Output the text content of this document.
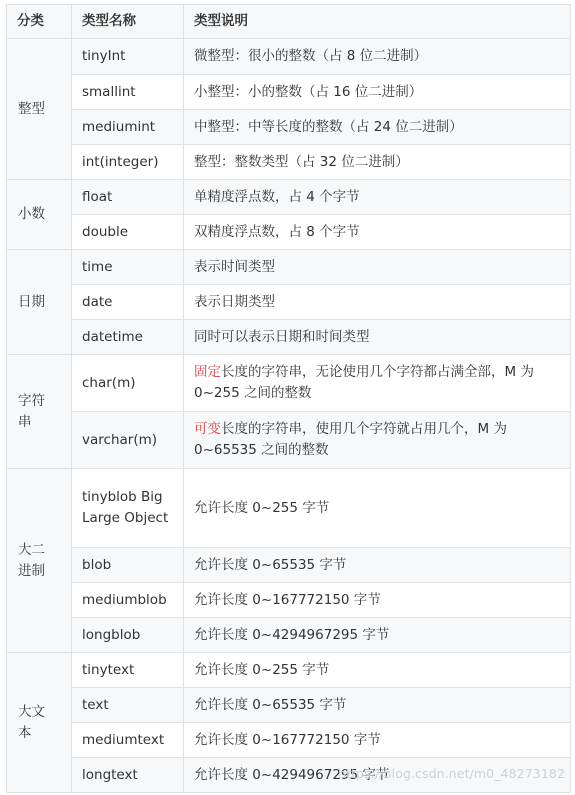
分类	类型名称	类型说明
整型	tinyInt	微整型：很小的整数（占 8 位二进制）
	smallint	小整型：小的整数（占 16 位二进制）
	mediumint	中整型：中等长度的整数（占 24 位二进制）
	int(integer)	整型：整数类型（占 32 位二进制）
小数	float	单精度浮点数，占 4 个字节
	double	双精度浮点数，占 8 个字节
日期	time	表示时间类型
	date	表示日期类型
	datetime	同时可以表示日期和时间类型
字符串	char(m)	固定长度的字符串，无论使用几个字符都占满全部，M 为 0~255 之间的整数
	varchar(m)	可变长度的字符串，使用几个字符就占用几个，M 为 0~65535 之间的整数
大二进制	tinyblob Big Large Object	允许长度 0~255 字节
	blob	允许长度 0~65535 字节
	mediumblob	允许长度 0~167772150 字节
	longblob	允许长度 0~4294967295 字节
大文本	tinytext	允许长度 0~255 字节
	text	允许长度 0~65535 字节
	mediumtext	允许长度 0~167772150 字节
	longtext	允许长度 0~4294967295 字节
https://blog.csdn.net/m0_48273182
